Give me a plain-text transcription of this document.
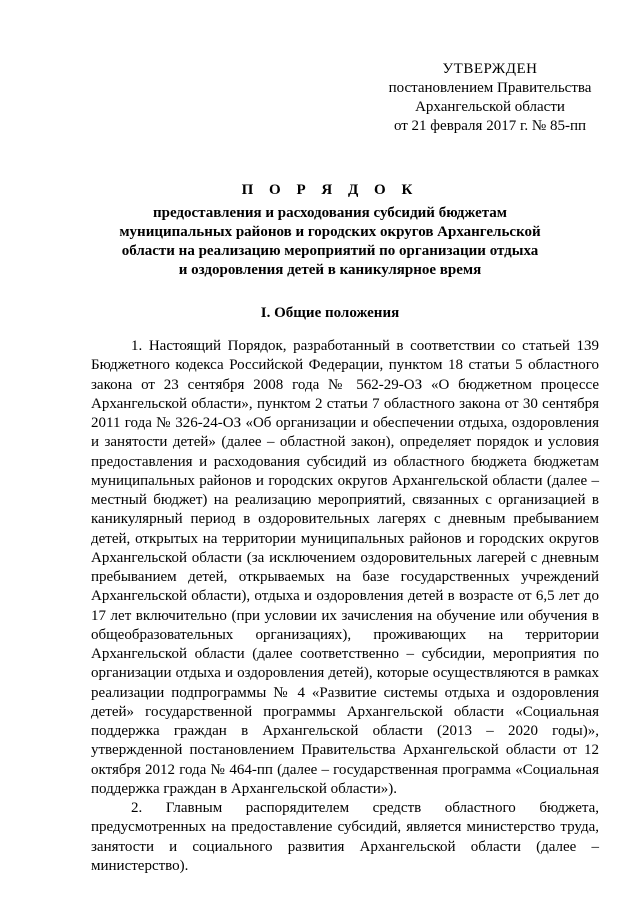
УТВЕРЖДЕН
постановлением Правительства
Архангельской области
от 21 февраля 2017 г. № 85-пп
П О Р Я Д О К
предоставления и расходования субсидий бюджетам
муниципальных районов и городских округов Архангельской
области на реализацию мероприятий по организации отдыха
и оздоровления детей в каникулярное время
I. Общие положения

1. Настоящий Порядок, разработанный в соответствии со статьей 139 Бюджетного кодекса Российской Федерации, пунктом 18 статьи 5 областного закона от 23 сентября 2008 года № 562-29-ОЗ «О бюджетном процессе Архангельской области», пунктом 2 статьи 7 областного закона от 30 сентября 2011 года № 326-24-ОЗ «Об организации и обеспечении отдыха, оздоровления и занятости детей» (далее – областной закон), определяет порядок и условия предоставления и расходования субсидий из областного бюджета бюджетам муниципальных районов и городских округов Архангельской области (далее – местный бюджет) на реализацию мероприятий, связанных с организацией в каникулярный период в оздоровительных лагерях с дневным пребыванием детей, открытых на территории муниципальных районов и городских округов Архангельской области (за исключением оздоровительных лагерей с дневным пребыванием детей, открываемых на базе государственных учреждений Архангельской области), отдыха и оздоровления детей в возрасте от 6,5 лет до 17 лет включительно (при условии их зачисления на обучение или обучения в общеобразовательных организациях), проживающих на территории Архангельской области (далее соответственно – субсидии, мероприятия по организации отдыха и оздоровления детей), которые осуществляются в рамках реализации подпрограммы № 4 «Развитие системы отдыха и оздоровления детей» государственной программы Архангельской области «Социальная поддержка граждан в Архангельской области (2013 – 2020 годы)», утвержденной постановлением Правительства Архангельской области от 12 октября 2012 года № 464-пп (далее – государственная программа «Социальная поддержка граждан в Архангельской области»).

2. Главным распорядителем средств областного бюджета, предусмотренных на предоставление субсидий, является министерство труда, занятости и социального развития Архангельской области (далее – министерство).
